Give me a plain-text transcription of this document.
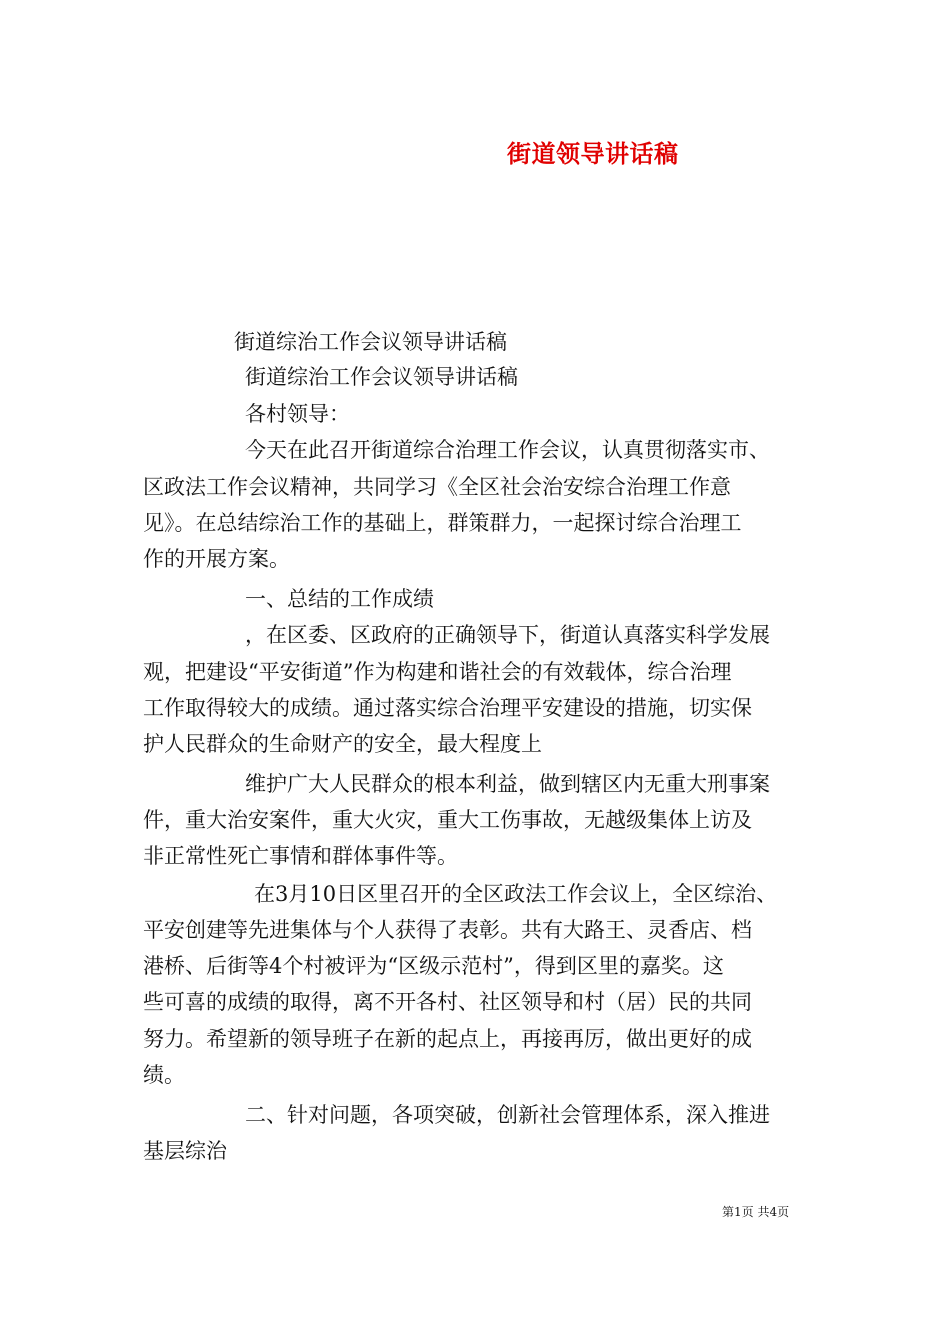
街道领导讲话稿
街道综治工作会议领导讲话稿
街道综治工作会议领导讲话稿
各村领导：
今天在此召开街道综合治理工作会议，认真贯彻落实市、
区政法工作会议精神，共同学习《全区社会治安综合治理工作意
见》。在总结综治工作的基础上，群策群力，一起探讨综合治理工
作的开展方案。
一、总结的工作成绩
，在区委、区政府的正确领导下，街道认真落实科学发展
观，把建设“平安街道”作为构建和谐社会的有效载体，综合治理
工作取得较大的成绩。通过落实综合治理平安建设的措施，切实保
护人民群众的生命财产的安全，最大程度上
维护广大人民群众的根本利益，做到辖区内无重大刑事案
件，重大治安案件，重大火灾，重大工伤事故，无越级集体上访及
非正常性死亡事情和群体事件等。
在3月10日区里召开的全区政法工作会议上，全区综治、
平安创建等先进集体与个人获得了表彰。共有大路王、灵香店、档
港桥、后街等4个村被评为“区级示范村”，得到区里的嘉奖。这
些可喜的成绩的取得，离不开各村、社区领导和村（居）民的共同
努力。希望新的领导班子在新的起点上，再接再厉，做出更好的成
绩。
二、针对问题，各项突破，创新社会管理体系，深入推进
基层综治
第1页 共4页
